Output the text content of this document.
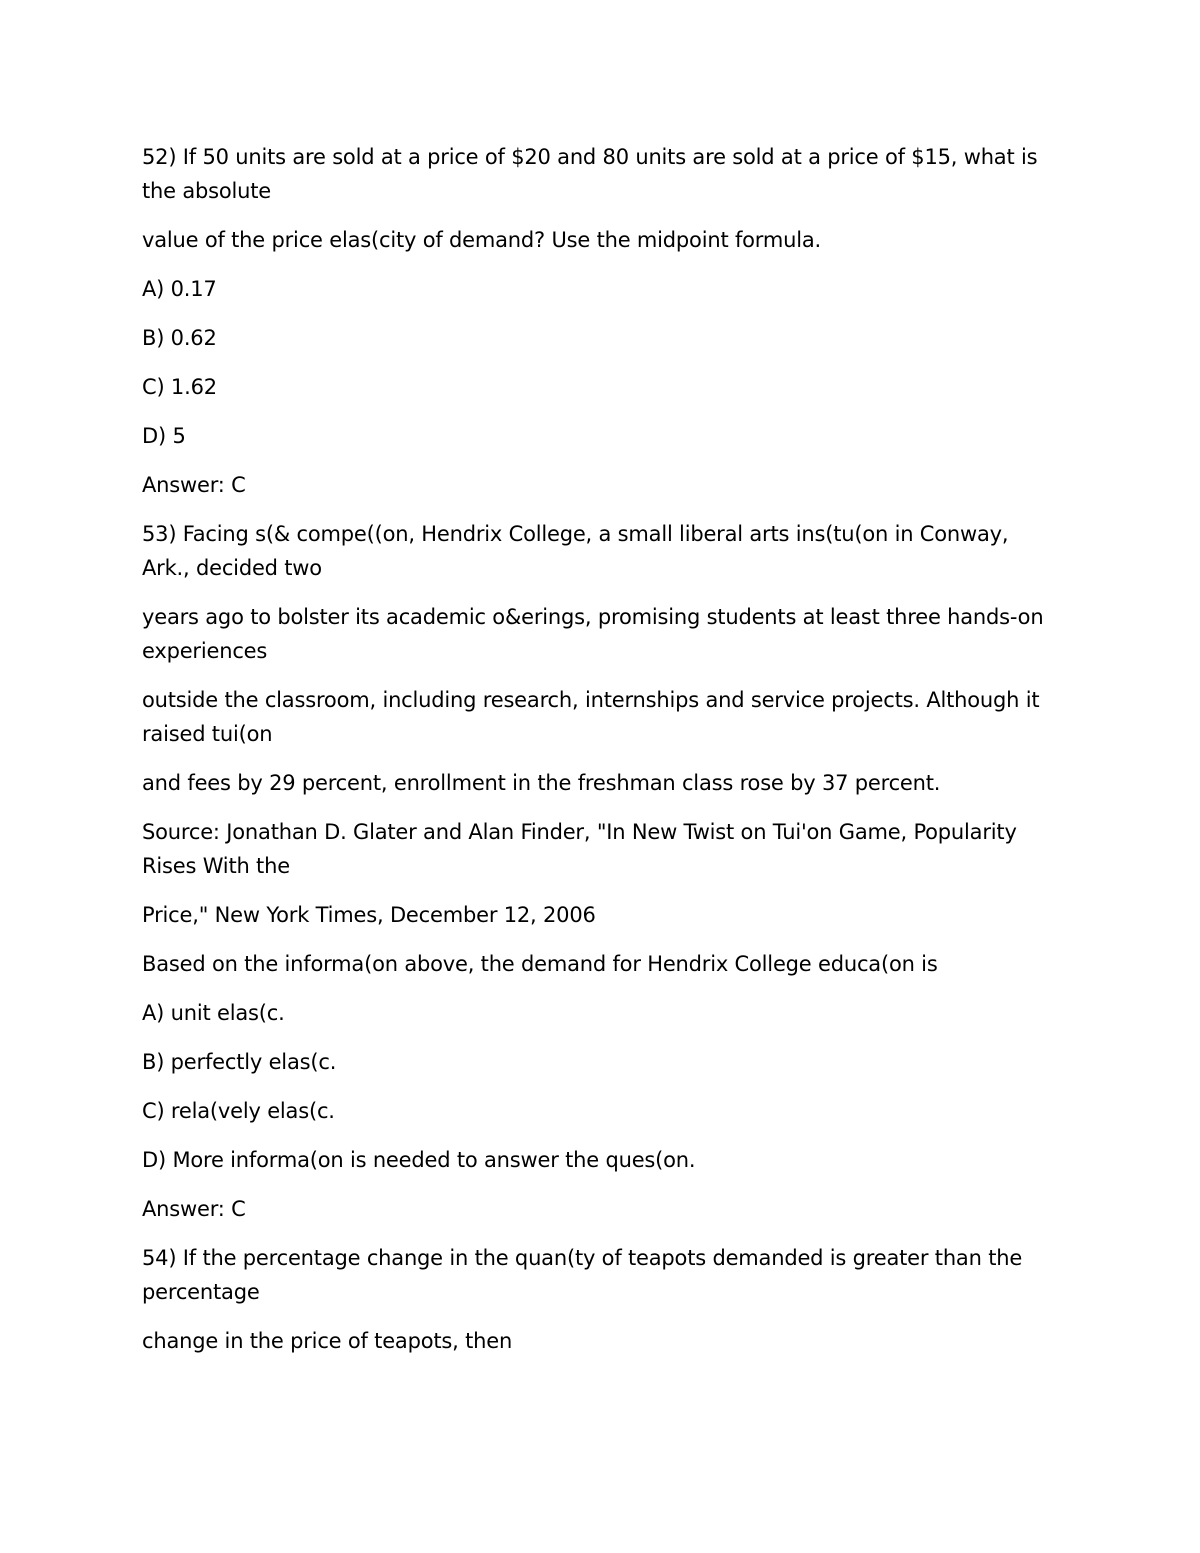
52) If 50 units are sold at a price of $20 and 80 units are sold at a price of $15, what is the absolute

value of the price elas(city of demand? Use the midpoint formula.

A) 0.17

B) 0.62

C) 1.62

D) 5

Answer: C

53) Facing s(& compe((on, Hendrix College, a small liberal arts ins(tu(on in Conway, Ark., decided two

years ago to bolster its academic o&erings, promising students at least three hands-on experiences

outside the classroom, including research, internships and service projects. Although it raised tui(on

and fees by 29 percent, enrollment in the freshman class rose by 37 percent.

Source: Jonathan D. Glater and Alan Finder, "In New Twist on Tui'on Game, Popularity Rises With the

Price," New York Times, December 12, 2006

Based on the informa(on above, the demand for Hendrix College educa(on is

A) unit elas(c.

B) perfectly elas(c.

C) rela(vely elas(c.

D) More informa(on is needed to answer the ques(on.

Answer: C

54) If the percentage change in the quan(ty of teapots demanded is greater than the percentage

change in the price of teapots, then
